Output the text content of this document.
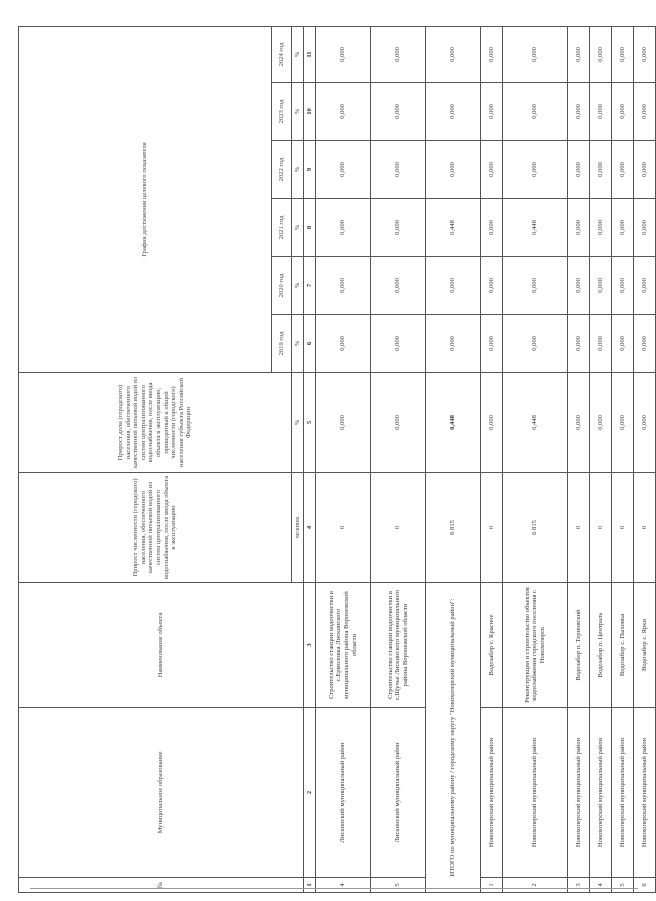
№	Муниципальное образование	Наименование объекта	Прирост численности (городского) населения, обеспеченного качественной питьевой водой из систем централизованного водоснабжения, после ввода объекта в эксплуатацию	Прирост доли (городского) населения, обеспеченного качественной питьевой водой из систем централизованного водоснабжения, после ввода объекта в эксплуатацию, приведенный к общей численности (городского) населения субъекта Российской Федерации	График достижения целевого показателя					
					2019 год	2020 год	2021 год	2022 год	2023 год	2024 год
			человек	%	%	%	%	%	%	%
1	2	3	4	5	6	7	8	9	10	11
4	Лискинский муниципальный район	Строительство станции водоочистки в с.Ермоловка Лискинского муниципального района Воронежской области	0	0,000	0,000	0,000	0,000	0,000	0,000	0,000
5	Лискинский муниципальный район	Строительство станции водоочистки в с.Щучье Лискинского муниципального района Воронежской области	0	0,000	0,000	0,000	0,000	0,000	0,000	0,000
ИТОГО по муниципальному району / городскому округу "Новохоперский муниципальный район":			6 815	0,448	0,000	0,000	0,448	0,000	0,000	0,000
1	Новохоперский муниципальный район	Водозабор с. Красное	0	0,000	0,000	0,000	0,000	0,000	0,000	0,000
2	Новохоперский муниципальный район	Реконструкция и строительство объектов водоснабжения городского поселения г. Новохоперск	6 815	0,448	0,000	0,000	0,448	0,000	0,000	0,000
3	Новохоперский муниципальный район	Водозабор п. Терновский	0	0,000	0,000	0,000	0,000	0,000	0,000	0,000
4	Новохоперский муниципальный район	Водозабор п. Централь	0	0,000	0,000	0,000	0,000	0,000	0,000	0,000
5	Новохоперский муниципальный район	Водозабор с. Пыховка	0	0,000	0,000	0,000	0,000	0,000	0,000	0,000
6	Новохоперский муниципальный район	Водозабор с. Ярки	0	0,000	0,000	0,000	0,000	0,000	0,000	0,000
